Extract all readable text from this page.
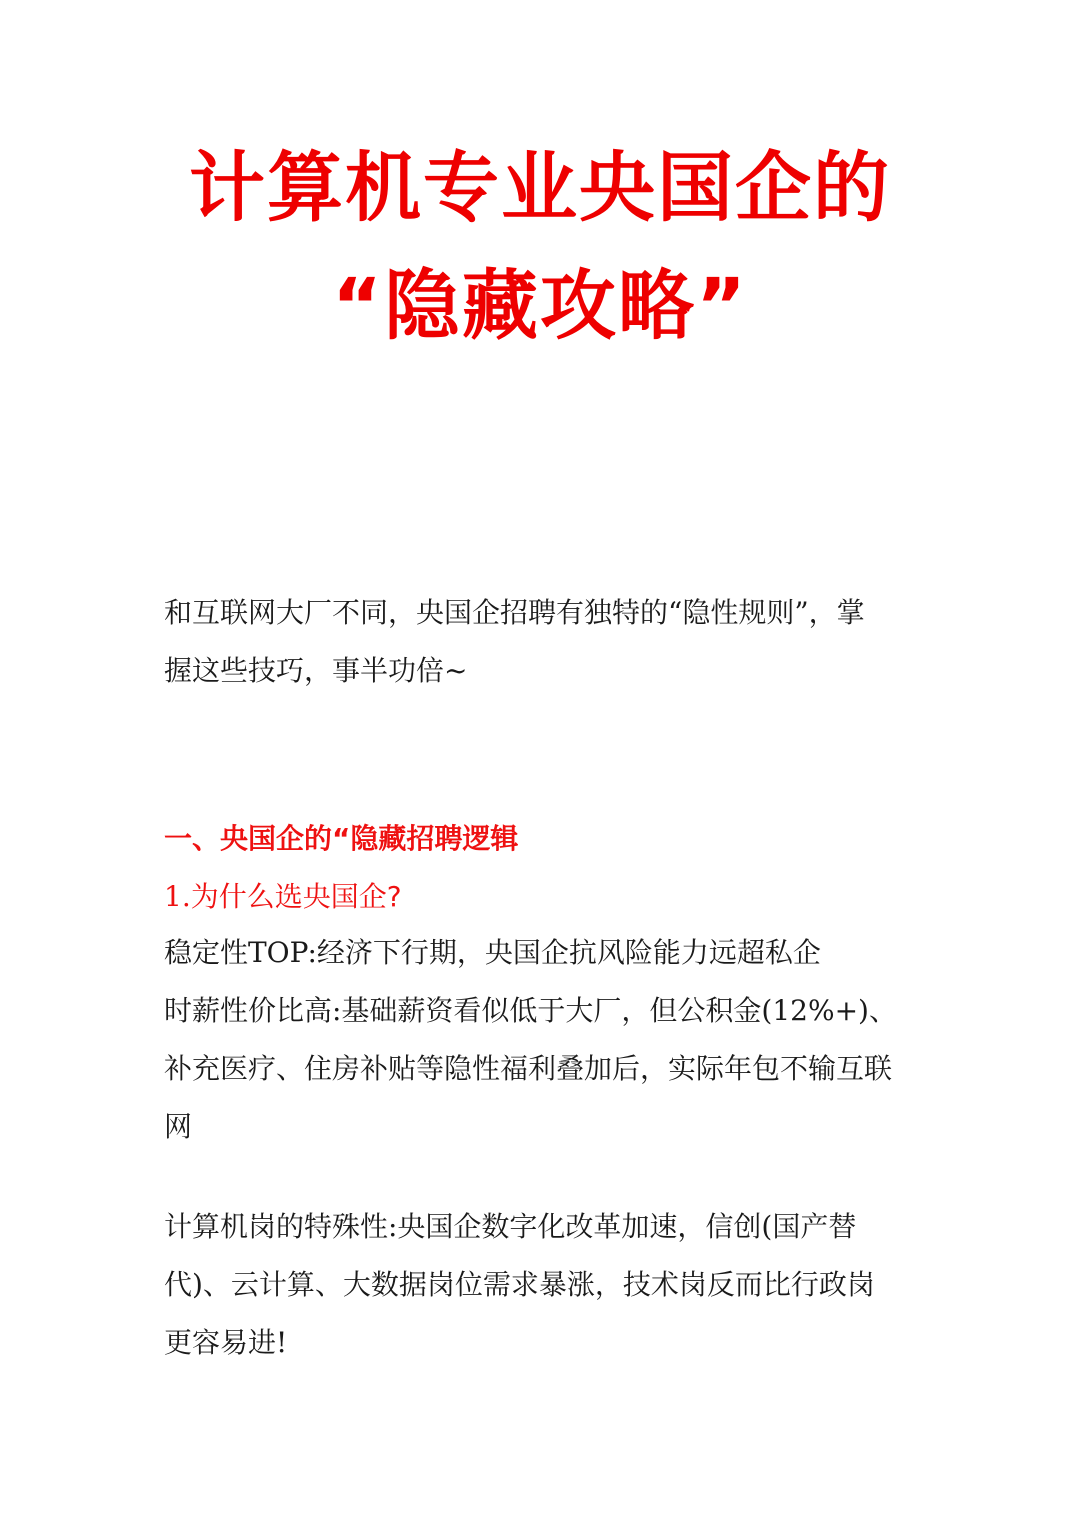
计算机专业央国企的
“隐藏攻略”

和互联网大厂不同，央国企招聘有独特的“隐性规则”，掌
握这些技巧，事半功倍~

一、央国企的“隐藏招聘逻辑
1.为什么选央国企?

稳定性TOP:经济下行期，央国企抗风险能力远超私企
时薪性价比高:基础薪资看似低于大厂，但公积金(12%+)、
补充医疗、住房补贴等隐性福利叠加后，实际年包不输互联
网

计算机岗的特殊性:央国企数字化改革加速，信创(国产替
代)、云计算、大数据岗位需求暴涨，技术岗反而比行政岗
更容易进!
